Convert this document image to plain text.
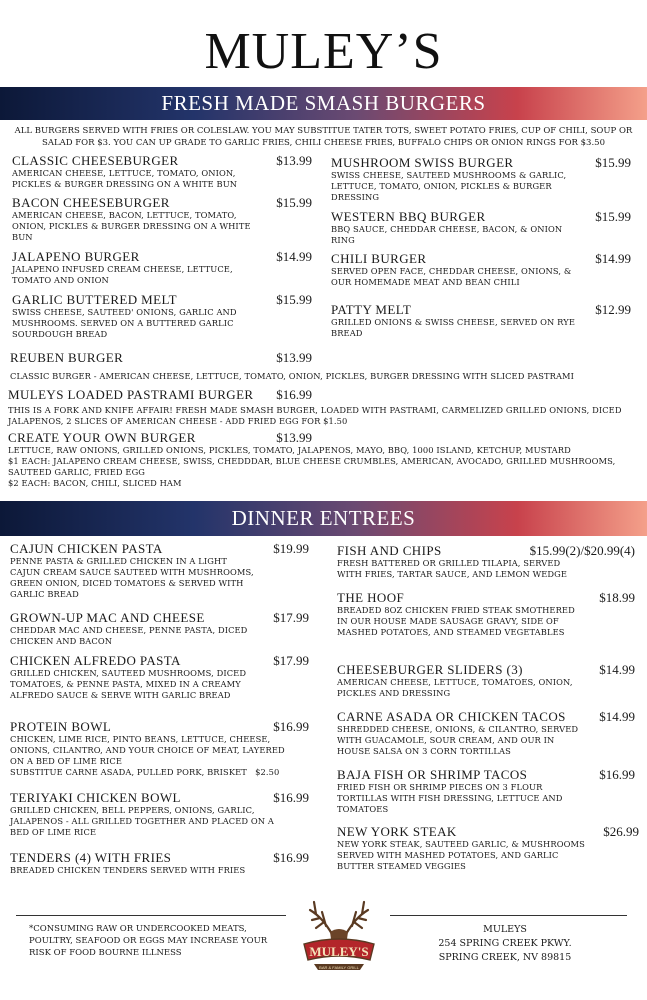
MULEY’S
FRESH MADE SMASH BURGERS
ALL BURGERS SERVED WITH FRIES OR COLESLAW. YOU MAY SUBSTITUE TATER TOTS, SWEET POTATO FRIES, CUP OF CHILI, SOUP OR SALAD FOR $3. YOU CAN UP GRADE TO GARLIC FRIES, CHILI CHEESE FRIES, BUFFALO CHIPS OR ONION RINGS FOR $3.50
CLASSIC CHEESEBURGER	$13.99
AMERICAN CHEESE, LETTUCE, TOMATO, ONION, PICKLES & BURGER DRESSING ON A WHITE BUN
BACON CHEESEBURGER	$15.99
AMERICAN CHEESE, BACON, LETTUCE, TOMATO, ONION, PICKLES & BURGER DRESSING ON A WHITE BUN
JALAPENO BURGER	$14.99
JALAPENO INFUSED CREAM CHEESE, LETTUCE, TOMATO AND ONION
GARLIC BUTTERED MELT	$15.99
SWISS CHEESE, SAUTEED' ONIONS, GARLIC AND MUSHROOMS. SERVED ON A BUTTERED GARLIC SOURDOUGH BREAD
MUSHROOM SWISS BURGER	$15.99
SWISS CHEESE, SAUTEED MUSHROOMS & GARLIC, LETTUCE, TOMATO, ONION, PICKLES & BURGER DRESSING
WESTERN BBQ BURGER	$15.99
BBQ SAUCE, CHEDDAR CHEESE, BACON, & ONION RING
CHILI BURGER	$14.99
SERVED OPEN FACE, CHEDDAR CHEESE, ONIONS, & OUR HOMEMADE MEAT AND BEAN CHILI
PATTY MELT	$12.99
GRILLED ONIONS & SWISS CHEESE, SERVED ON RYE BREAD
REUBEN BURGER	$13.99
CLASSIC BURGER - AMERICAN CHEESE, LETTUCE, TOMATO, ONION, PICKLES, BURGER DRESSING WITH SLICED PASTRAMI
MULEYS LOADED PASTRAMI BURGER	$16.99
THIS IS A FORK AND KNIFE AFFAIR! FRESH MADE SMASH BURGER, LOADED WITH PASTRAMI, CARMELIZED GRILLED ONIONS, DICED
JALAPENOS, 2 SLICES OF AMERICAN CHEESE - ADD FRIED EGG FOR $1.50
CREATE YOUR OWN BURGER	$13.99
LETTUCE, RAW ONIONS, GRILLED ONIONS, PICKLES, TOMATO, JALAPENOS, MAYO, BBQ, 1000 ISLAND, KETCHUP, MUSTARD
$1 EACH: JALAPENO CREAM CHEESE, SWISS, CHEDDDAR, BLUE CHEESE CRUMBLES, AMERICAN, AVOCADO, GRILLED MUSHROOMS,
SAUTEED GARLIC, FRIED EGG
$2 EACH: BACON, CHILI, SLICED HAM
DINNER ENTREES
CAJUN CHICKEN PASTA	$19.99
PENNE PASTA & GRILLED CHICKEN IN A LIGHT CAJUN CREAM SAUCE SAUTEED WITH MUSHROOMS, GREEN ONION, DICED TOMATOES & SERVED WITH GARLIC BREAD
GROWN-UP MAC AND CHEESE	$17.99
CHEDDAR MAC AND CHEESE, PENNE PASTA, DICED CHICKEN AND BACON
CHICKEN ALFREDO PASTA	$17.99
GRILLED CHICKEN, SAUTEED MUSHROOMS, DICED TOMATOES, & PENNE PASTA, MIXED IN A CREAMY ALFREDO SAUCE & SERVE WITH GARLIC BREAD
PROTEIN BOWL	$16.99
CHICKEN, LIME RICE, PINTO BEANS, LETTUCE, CHEESE, ONIONS, CILANTRO, AND YOUR CHOICE OF MEAT, LAYERED ON A BED OF LIME RICE
SUBSTITUE CARNE ASADA, PULLED PORK, BRISKET   $2.50
TERIYAKI CHICKEN BOWL	$16.99
GRILLED CHICKEN, BELL PEPPERS, ONIONS, GARLIC, JALAPENOS - ALL GRILLED TOGETHER AND PLACED ON A BED OF LIME RICE
TENDERS (4) WITH FRIES	$16.99
BREADED CHICKEN TENDERS SERVED WITH FRIES
FISH AND CHIPS	$15.99(2)/$20.99(4)
FRESH BATTERED OR GRILLED TILAPIA, SERVED WITH FRIES, TARTAR SAUCE, AND LEMON WEDGE
THE HOOF	$18.99
BREADED 8OZ CHICKEN FRIED STEAK SMOTHERED IN OUR HOUSE MADE SAUSAGE GRAVY, SIDE OF MASHED POTATOES, AND STEAMED VEGETABLES
CHEESEBURGER SLIDERS (3)	$14.99
AMERICAN CHEESE, LETTUCE, TOMATOES, ONION, PICKLES AND DRESSING
CARNE ASADA OR CHICKEN TACOS	$14.99
SHREDDED CHEESE, ONIONS, & CILANTRO, SERVED WITH GUACAMOLE, SOUR CREAM, AND OUR IN HOUSE SALSA ON 3 CORN TORTILLAS
BAJA FISH OR SHRIMP TACOS	$16.99
FRIED FISH OR SHRIMP PIECES ON 3 FLOUR TORTILLAS WITH FISH DRESSING, LETTUCE AND TOMATOES
NEW YORK STEAK	$26.99
NEW YORK STEAK, SAUTEED GARLIC, & MUSHROOMS SERVED WITH MASHED POTATOES, AND GARLIC BUTTER STEAMED VEGGIES
*CONSUMING RAW OR UNDERCOOKED MEATS, POULTRY, SEAFOOD OR EGGS MAY INCREASE YOUR RISK OF FOOD BOURNE ILLNESS	MULEY'S
BAR & FAMILY GRILL
MULEYS
254 SPRING CREEK PKWY.
SPRING CREEK, NV 89815
